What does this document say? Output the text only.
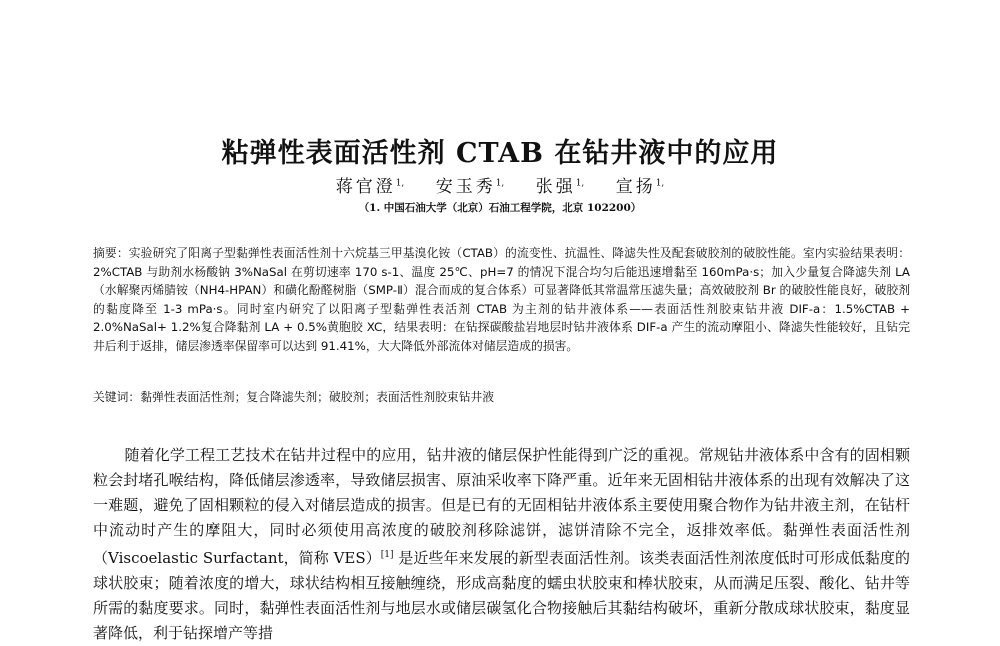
粘弹性表面活性剂 CTAB 在钻井液中的应用
蒋官澄$^{1,}$ 安玉秀$^{1,}$ 张强$^{1,}$ 宣扬$^{1,}$
（1. 中国石油大学（北京）石油工程学院，北京 102200）

摘要：实验研究了阳离子型黏弹性表面活性剂十六烷基三甲基溴化铵（CTAB）的流变性、抗温性、降滤失性及配套破胶剂的破胶性能。室内实验结果表明：2%CTAB 与助剂水杨酸钠 3%NaSal 在剪切速率 170 s-1、温度 25℃、pH=7 的情况下混合均匀后能迅速增黏至 160mPa·s；加入少量复合降滤失剂 LA（水解聚丙烯腈铵（NH4-HPAN）和磺化酚醛树脂（SMP-Ⅱ）混合而成的复合体系）可显著降低其常温常压滤失量；高效破胶剂 Br 的破胶性能良好，破胶剂的黏度降至 1-3 mPa·s。同时室内研究了以阳离子型黏弹性表活剂 CTAB 为主剂的钻井液体系——表面活性剂胶束钻井液 DIF-a：1.5%CTAB + 2.0%NaSal+ 1.2%复合降黏剂 LA + 0.5%黄胞胶 XC，结果表明：在钻探碳酸盐岩地层时钻井液体系 DIF-a 产生的流动摩阻小、降滤失性能较好，且钻完井后利于返排，储层渗透率保留率可以达到 91.41%，大大降低外部流体对储层造成的损害。

关键词：黏弹性表面活性剂；复合降滤失剂；破胶剂；表面活性剂胶束钻井液

随着化学工程工艺技术在钻井过程中的应用，钻井液的储层保护性能得到广泛的重视。常规钻井液体系中含有的固相颗粒会封堵孔喉结构，降低储层渗透率，导致储层损害、原油采收率下降严重。近年来无固相钻井液体系的出现有效解决了这一难题，避免了固相颗粒的侵入对储层造成的损害。但是已有的无固相钻井液体系主要使用聚合物作为钻井液主剂，在钻杆中流动时产生的摩阻大，同时必须使用高浓度的破胶剂移除滤饼，滤饼清除不完全，返排效率低。黏弹性表面活性剂（Viscoelastic Surfactant，简称 VES）[1] 是近些年来发展的新型表面活性剂。该类表面活性剂浓度低时可形成低黏度的球状胶束；随着浓度的增大，球状结构相互接触缠绕，形成高黏度的蠕虫状胶束和棒状胶束，从而满足压裂、酸化、钻井等所需的黏度要求。同时，黏弹性表面活性剂与地层水或储层碳氢化合物接触后其黏结构破坏，重新分散成球状胶束，黏度显著降低，利于钻探增产等措
